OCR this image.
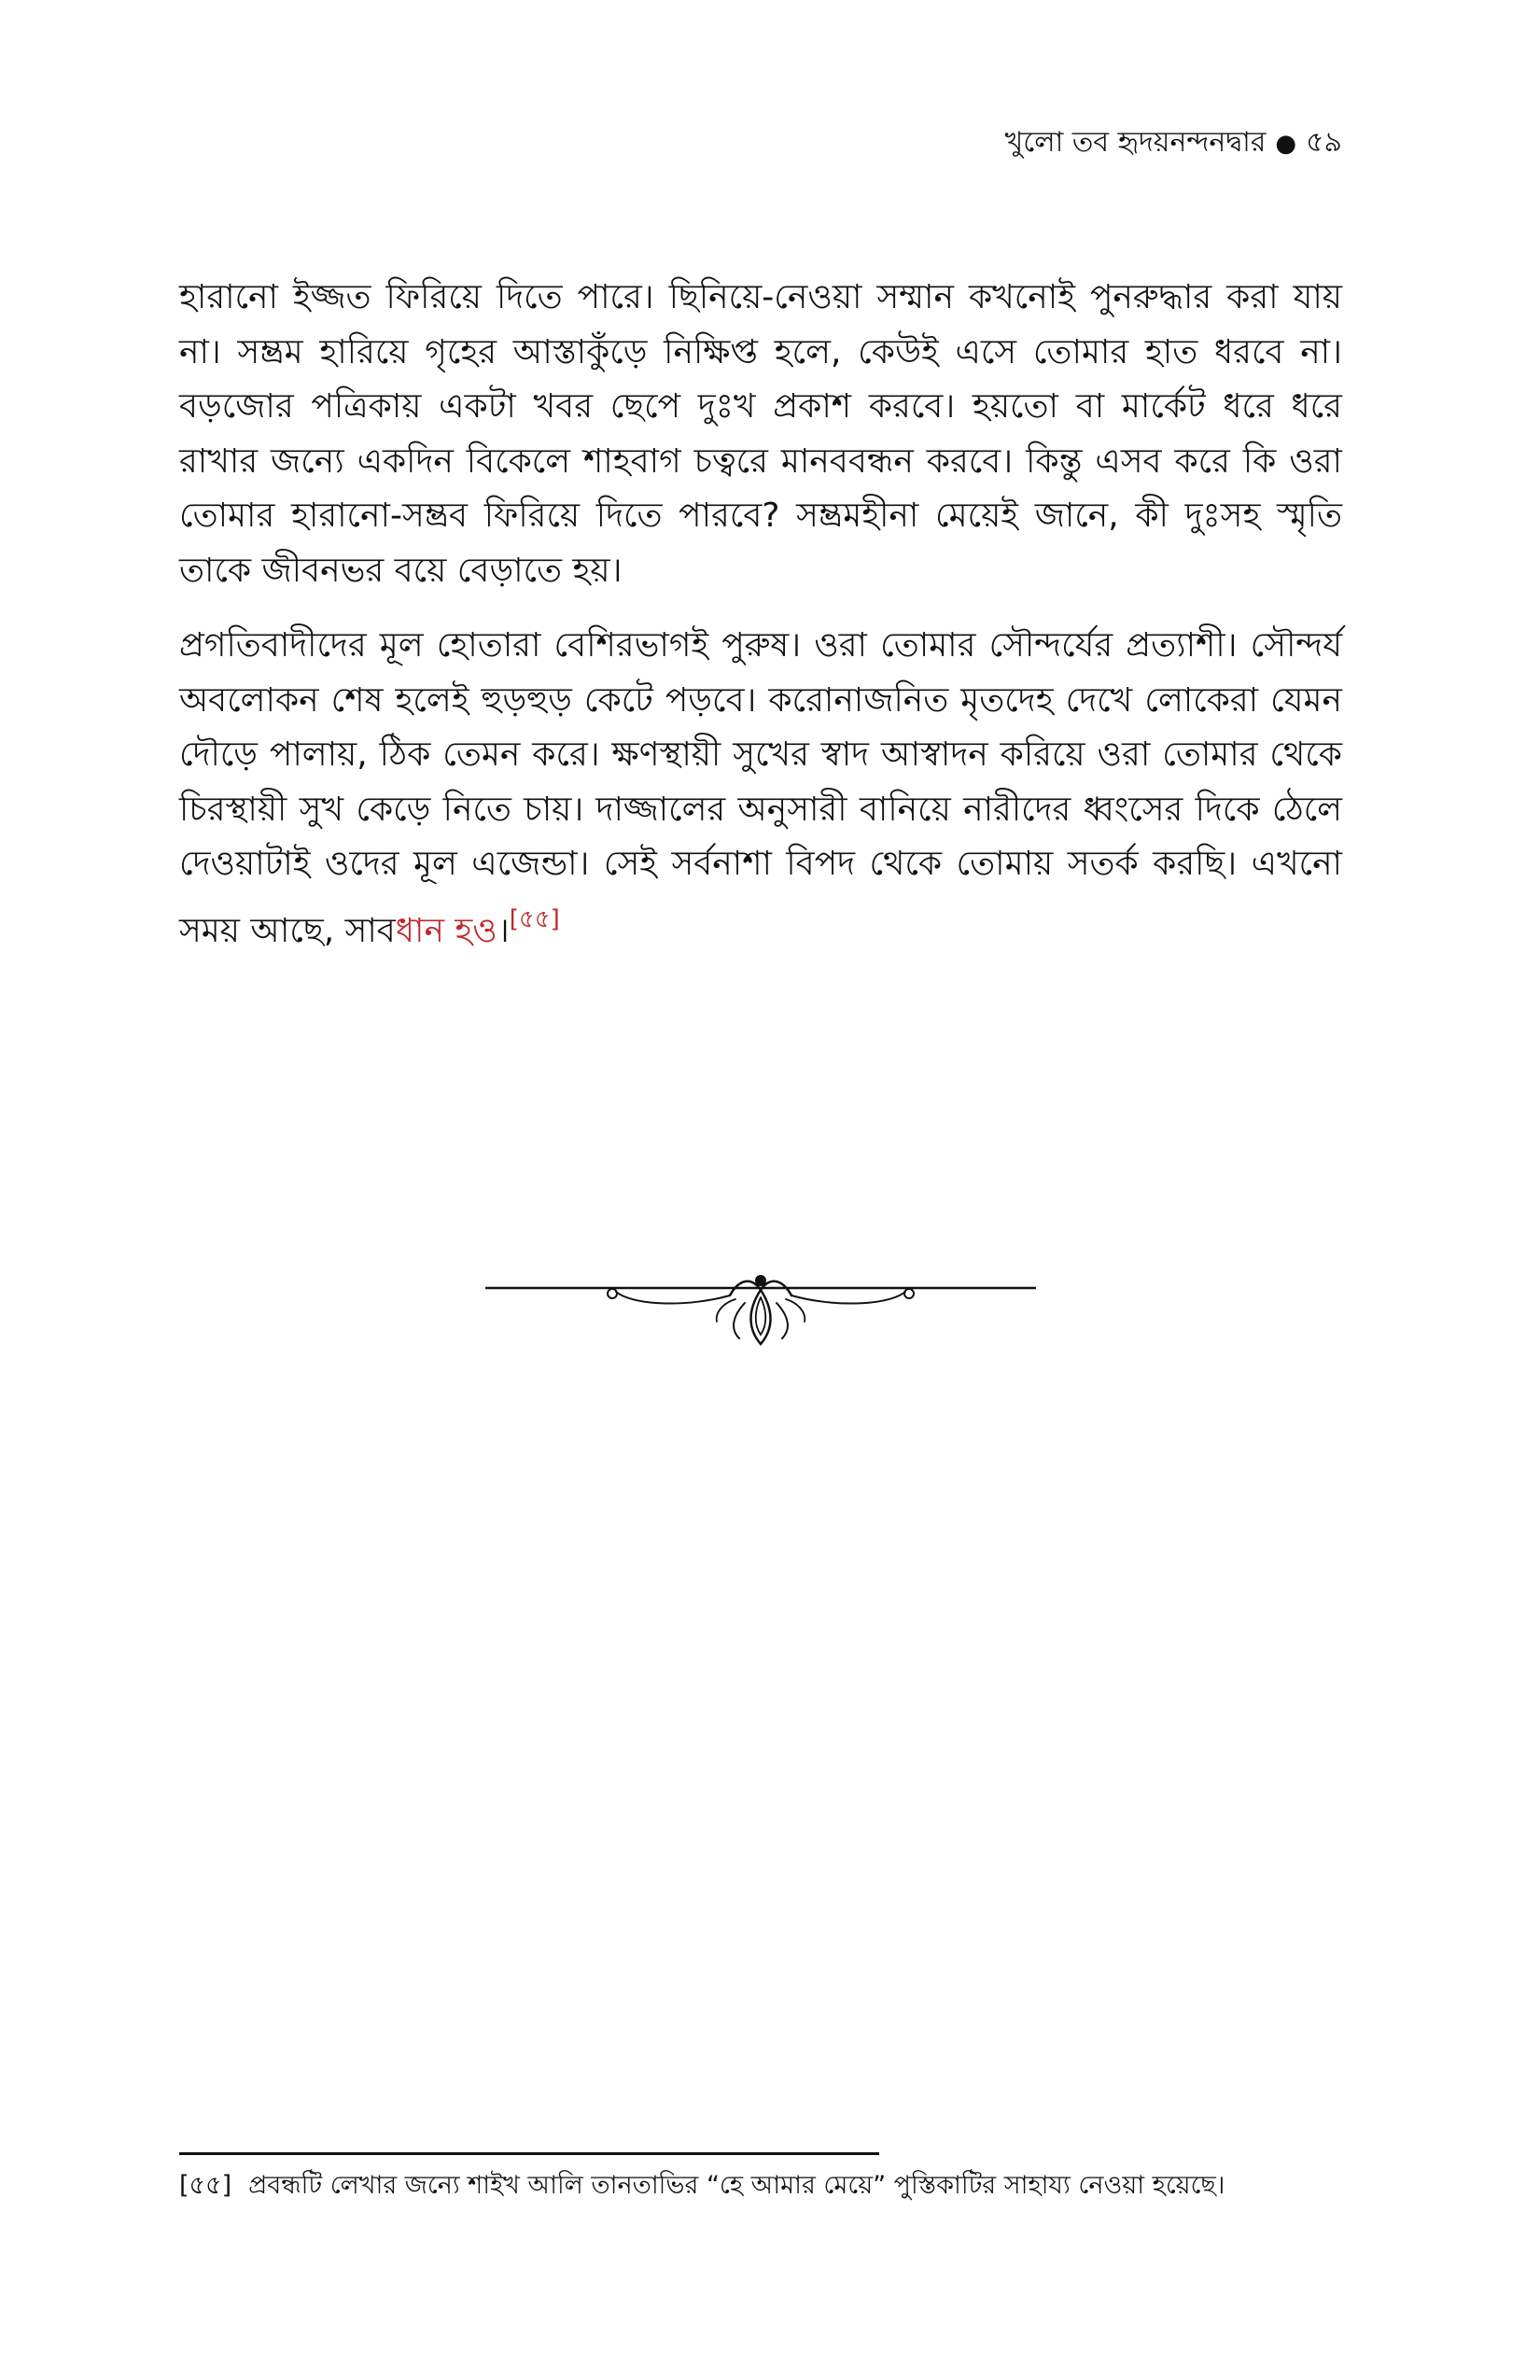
খুলো তব হৃদয়নন্দনদ্বার ● ৫৯

হারানো ইজ্জত ফিরিয়ে দিতে পারে। ছিনিয়ে-নেওয়া সম্মান কখনোই পুনরুদ্ধার করা যায় না। সম্ভ্রম হারিয়ে গৃহের আস্তাকুঁড়ে নিক্ষিপ্ত হলে, কেউই এসে তোমার হাত ধরবে না। বড়জোর পত্রিকায় একটা খবর ছেপে দুঃখ প্রকাশ করবে। হয়তো বা মার্কেট ধরে ধরে রাখার জন্যে একদিন বিকেলে শাহবাগ চত্বরে মানববন্ধন করবে। কিন্তু এসব করে কি ওরা তোমার হারানো-সম্ভ্রব ফিরিয়ে দিতে পারবে? সম্ভ্রমহীনা মেয়েই জানে, কী দুঃসহ স্মৃতি তাকে জীবনভর বয়ে বেড়াতে হয়।

প্রগতিবাদীদের মূল হোতারা বেশিরভাগই পুরুষ। ওরা তোমার সৌন্দর্যের প্রত্যাশী। সৌন্দর্য অবলোকন শেষ হলেই হুড়হুড় কেটে পড়বে। করোনাজনিত মৃতদেহ দেখে লোকেরা যেমন দৌড়ে পালায়, ঠিক তেমন করে। ক্ষণস্থায়ী সুখের স্বাদ আস্বাদন করিয়ে ওরা তোমার থেকে চিরস্থায়ী সুখ কেড়ে নিতে চায়। দাজ্জালের অনুসারী বানিয়ে নারীদের ধ্বংসের দিকে ঠেলে দেওয়াটাই ওদের মূল এজেন্ডা। সেই সর্বনাশা বিপদ থেকে তোমায় সতর্ক করছি। এখনো সময় আছে, সাবধান হও।[৫৫]

[৫৫] প্রবন্ধটি লেখার জন্যে শাইখ আলি তানতাভির “হে আমার মেয়ে” পুস্তিকাটির সাহায্য নেওয়া হয়েছে।
